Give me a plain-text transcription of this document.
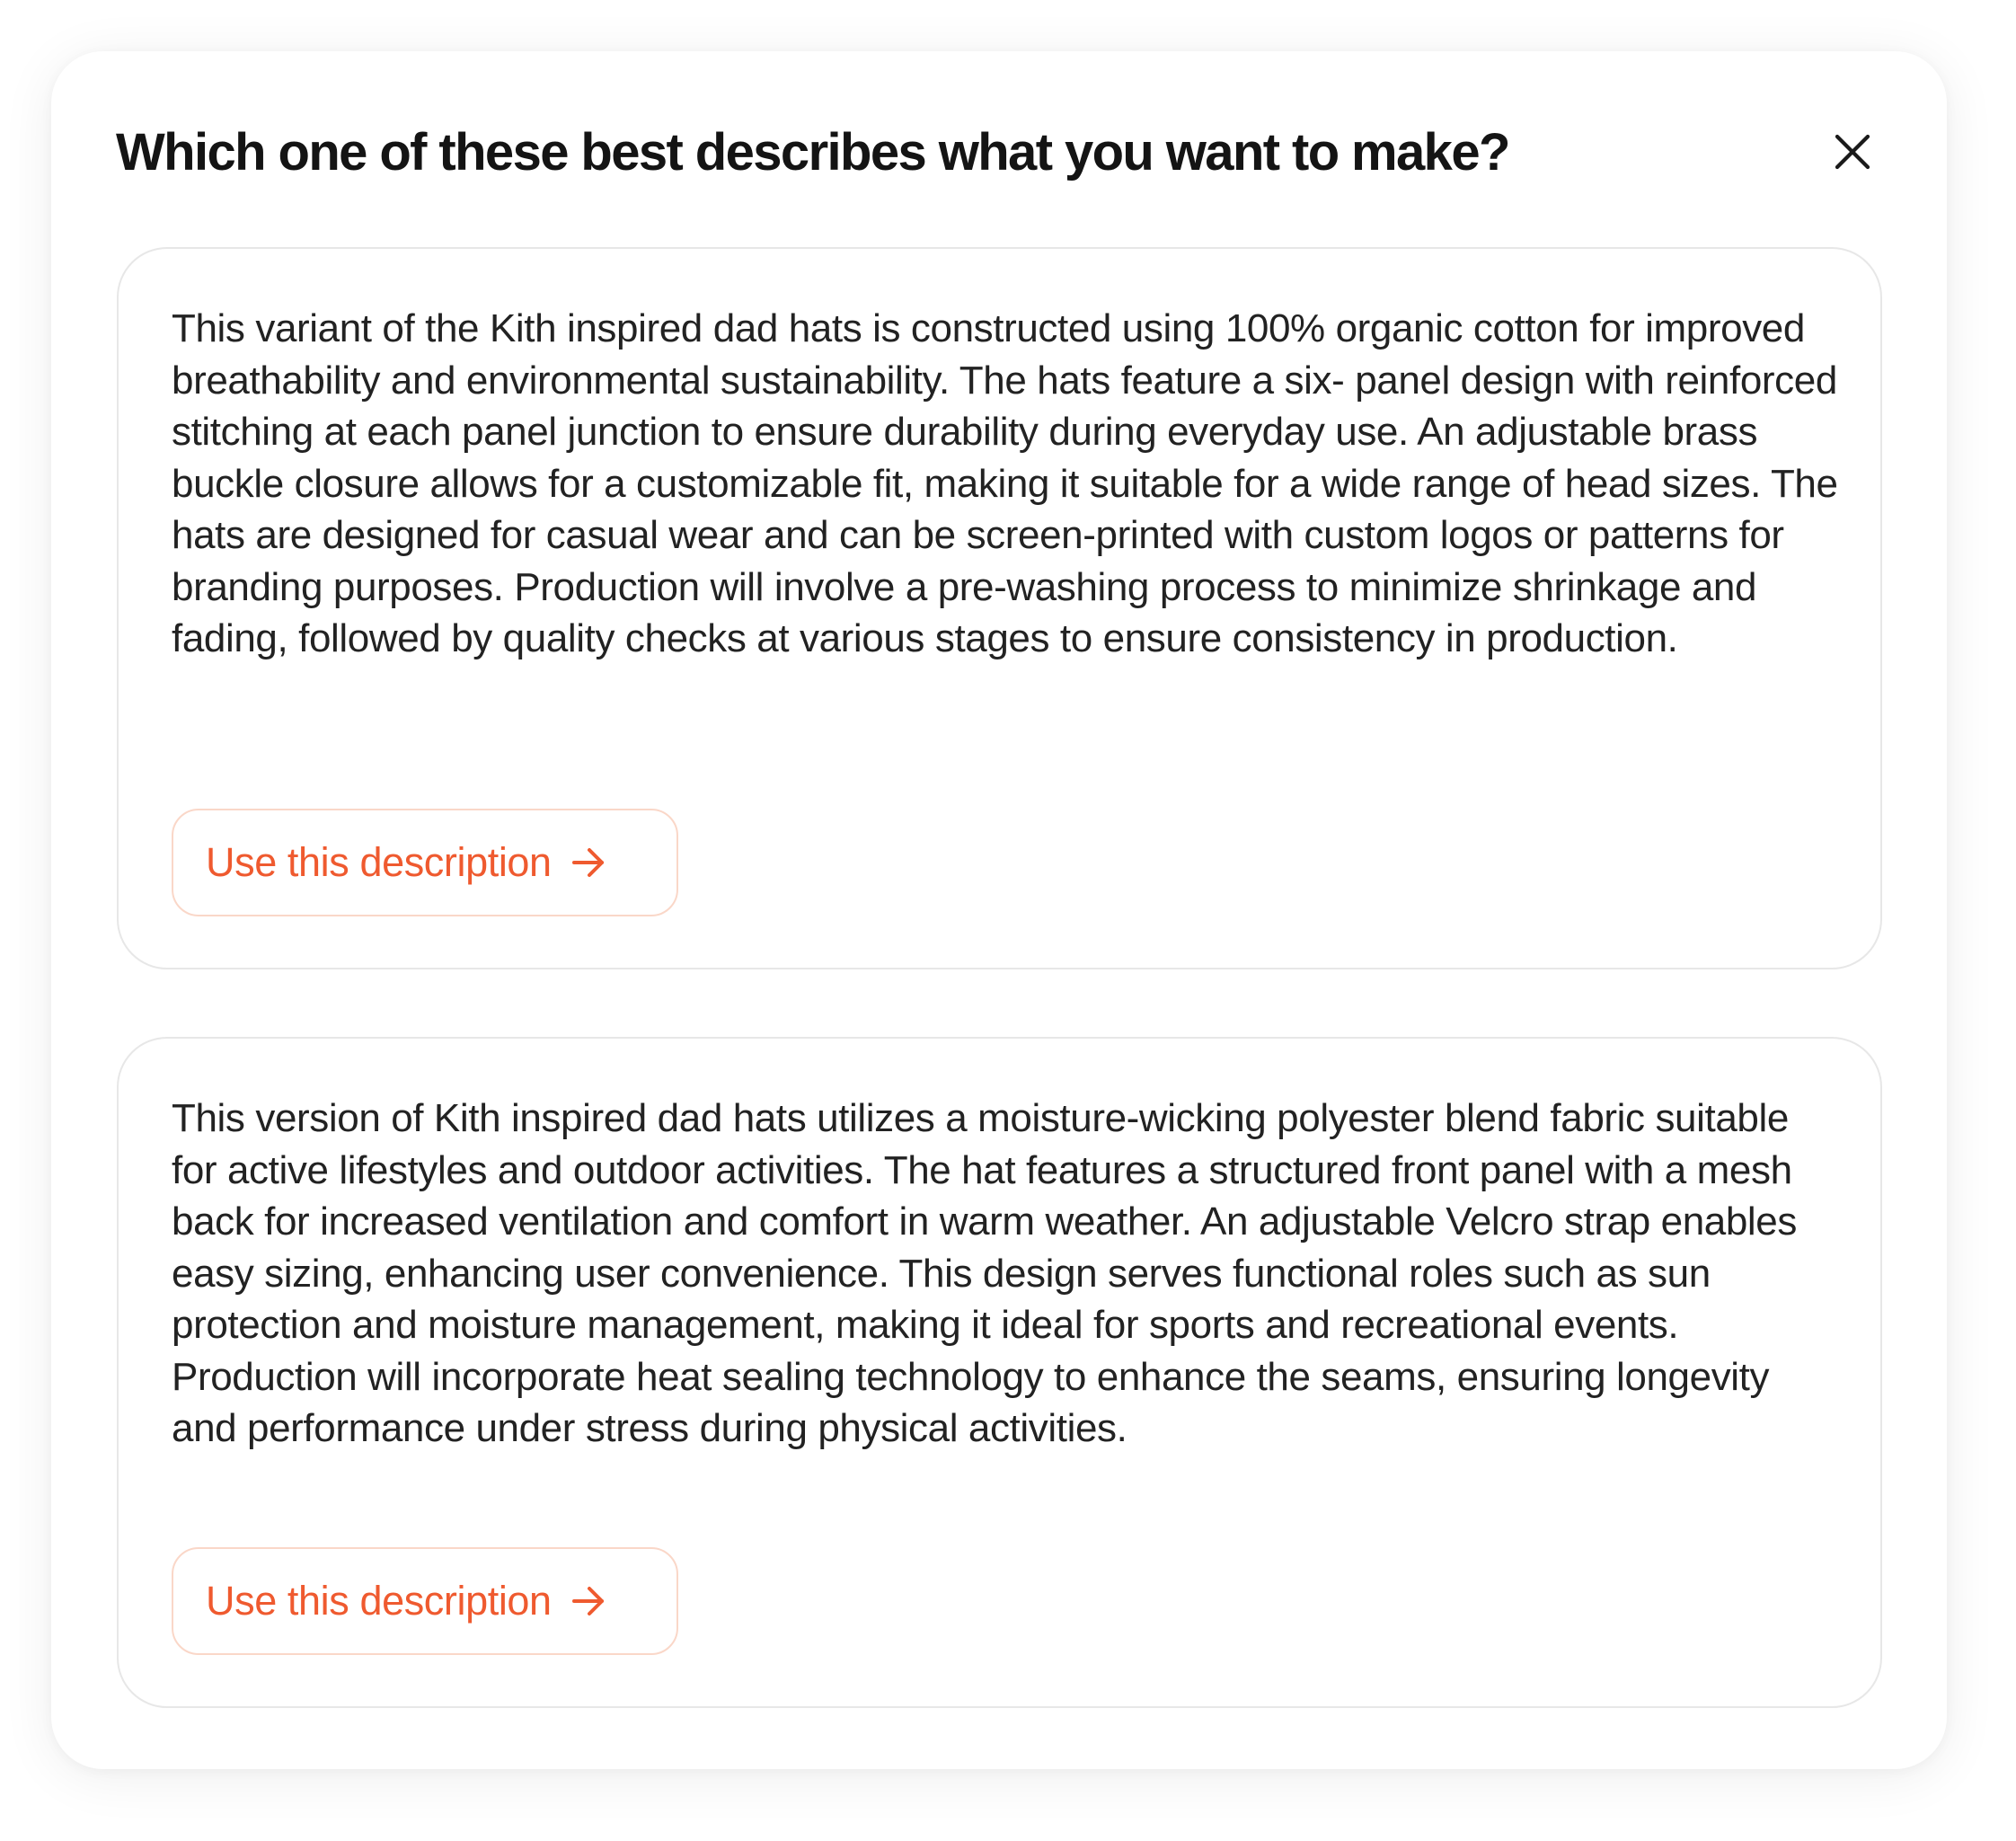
Which one of these best describes what you want to make?

This variant of the Kith inspired dad hats is constructed using 100% organic cotton for improved breathability and environmental sustainability. The hats feature a six- panel design with reinforced stitching at each panel junction to ensure durability during everyday use. An adjustable brass buckle closure allows for a customizable fit, making it suitable for a wide range of head sizes. The hats are designed for casual wear and can be screen-printed with custom logos or patterns for branding purposes. Production will involve a pre-washing process to minimize shrinkage and fading, followed by quality checks at various stages to ensure consistency in production.

Use this description

This version of Kith inspired dad hats utilizes a moisture-wicking polyester blend fabric suitable for active lifestyles and outdoor activities. The hat features a structured front panel with a mesh back for increased ventilation and comfort in warm weather. An adjustable Velcro strap enables easy sizing, enhancing user convenience. This design serves functional roles such as sun protection and moisture management, making it ideal for sports and recreational events. Production will incorporate heat sealing technology to enhance the seams, ensuring longevity and performance under stress during physical activities.

Use this description
